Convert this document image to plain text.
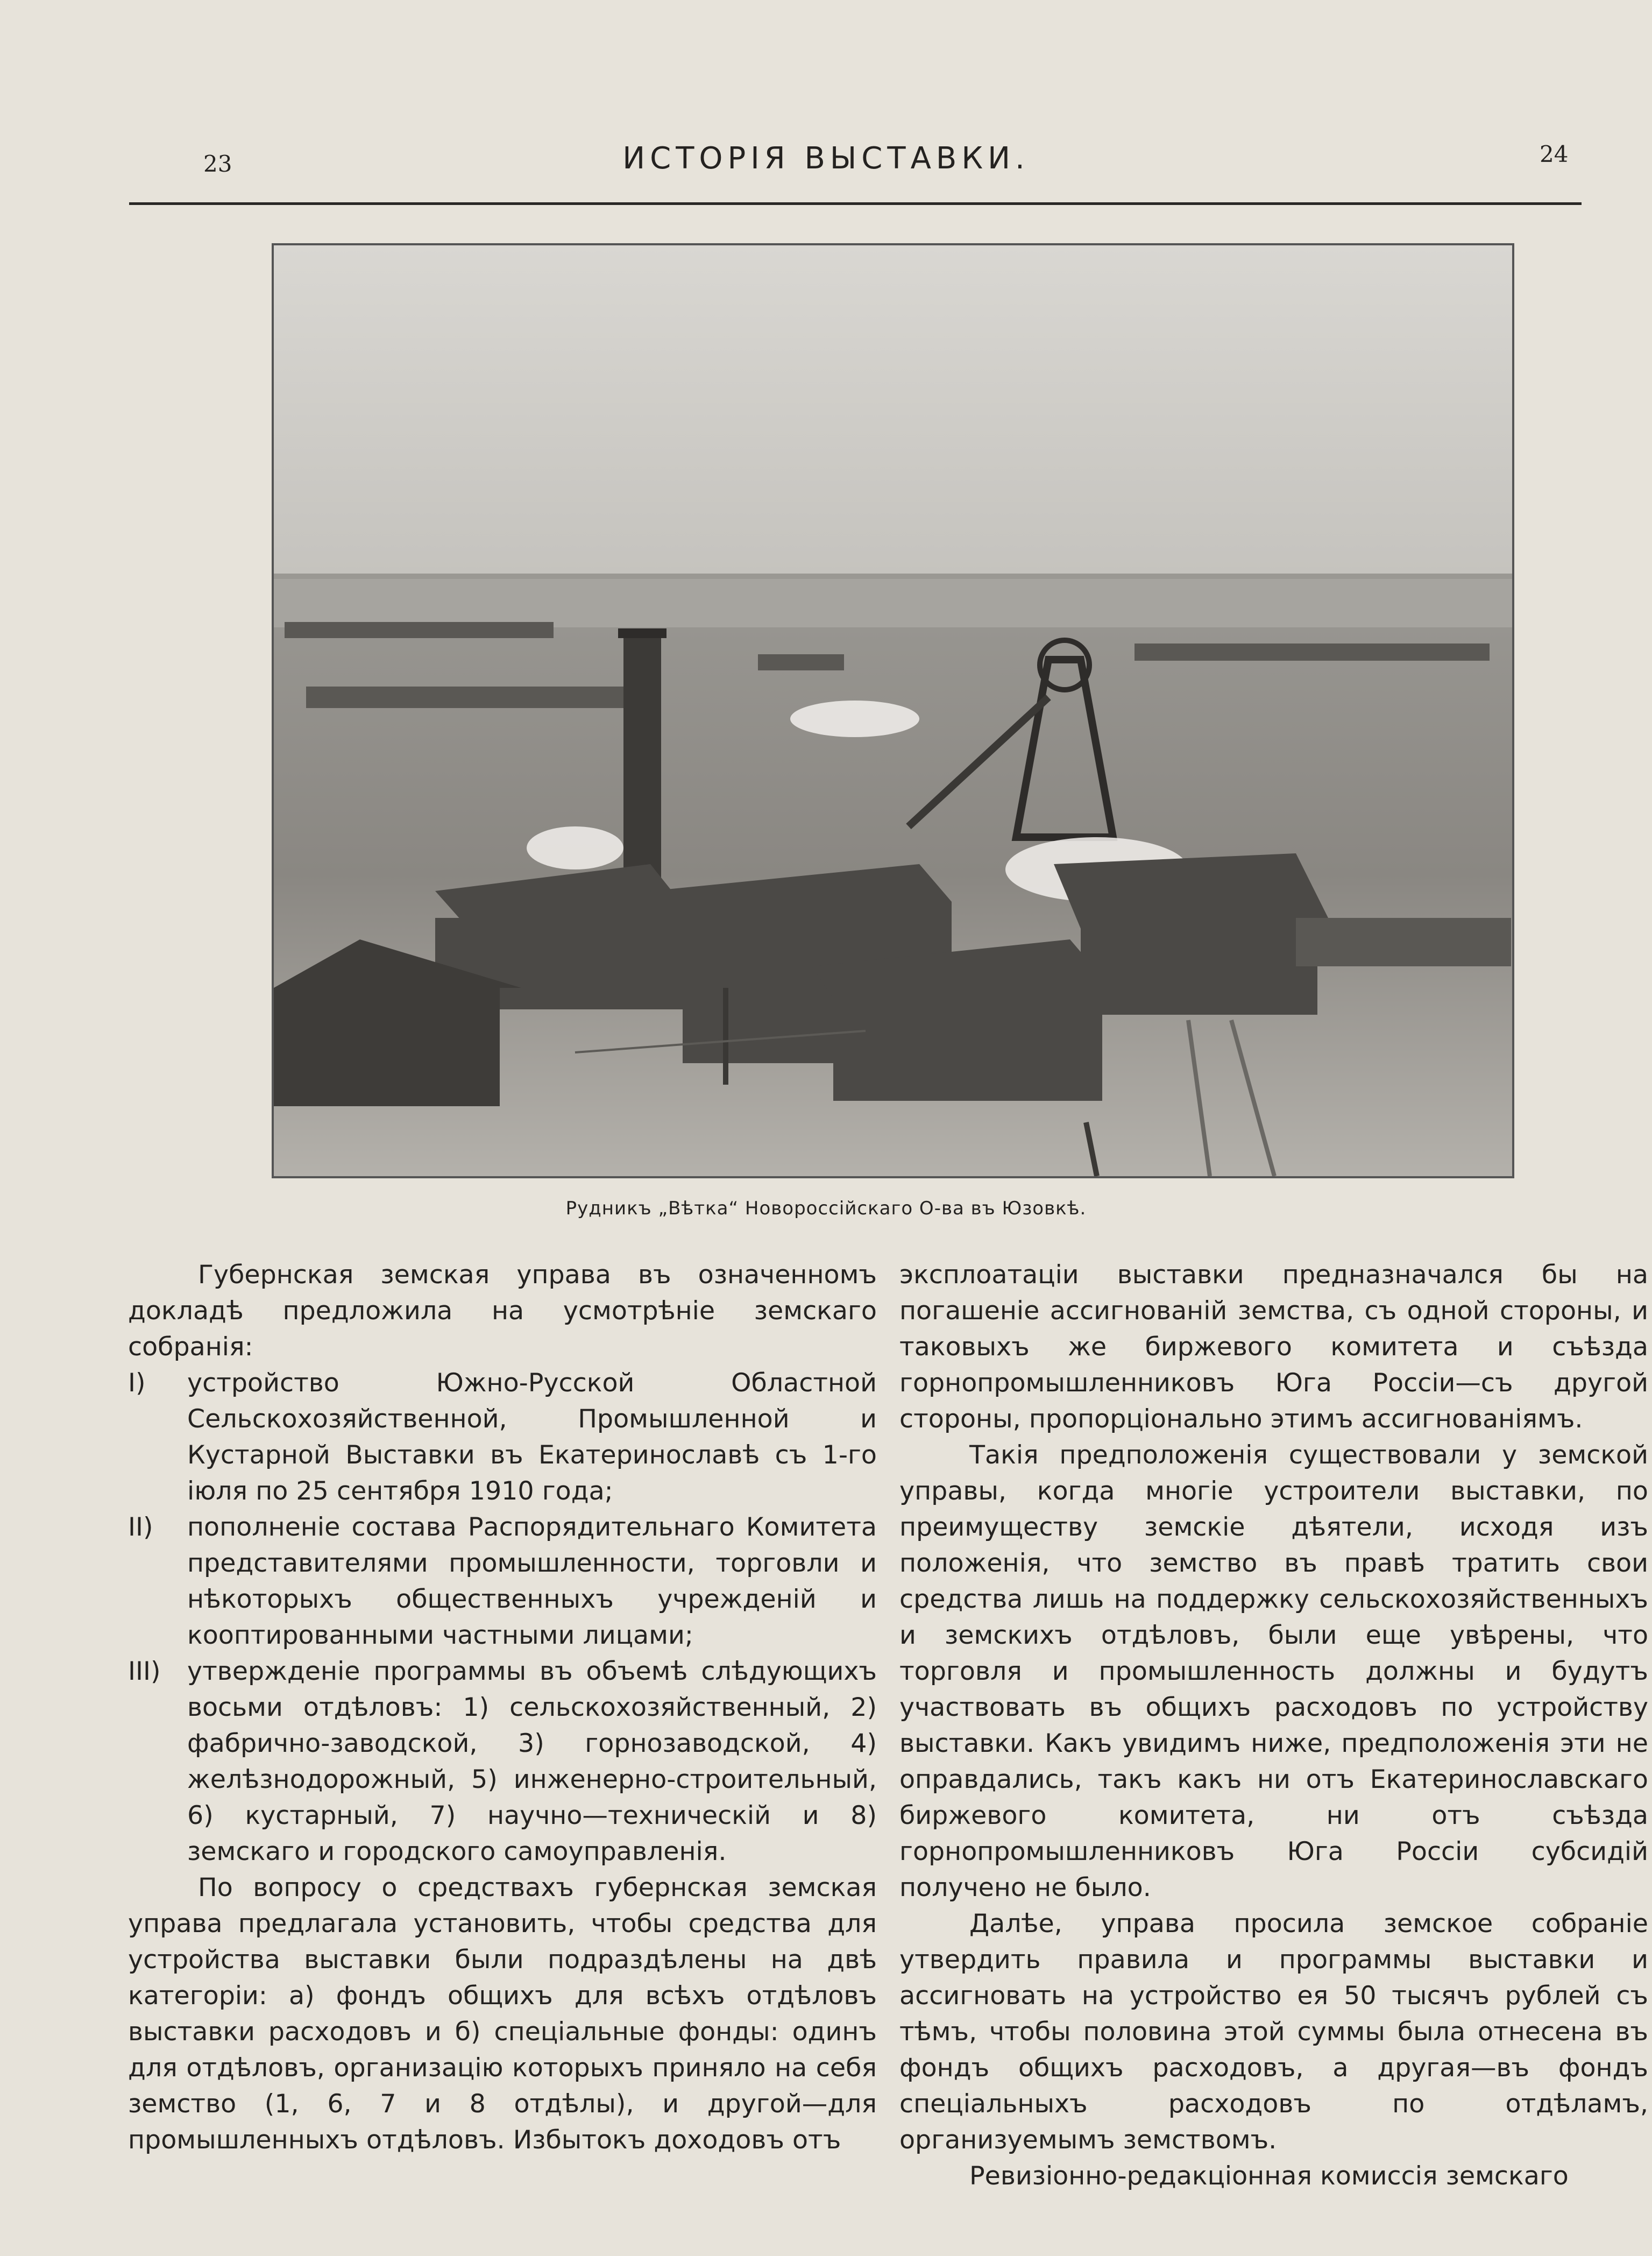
23	ИСТОРІЯ ВЫСТАВКИ.	24
Рудникъ „Вѣтка“ Новороссійскаго О-ва въ Юзовкѣ.

Губернская земская управа въ означенномъ докладѣ предложила на усмотрѣніе земскаго собранія:

I) устройство Южно-Русской Областной Сельскохозяйственной, Промышленной и Кустарной Выставки въ Екатеринославѣ съ 1-го іюля по 25 сентября 1910 года;

II) пополненіе состава Распорядительнаго Комитета представителями промышленности, торговли и нѣкоторыхъ общественныхъ учрежденій и кооптированными частными лицами;

III) утвержденіе программы въ объемѣ слѣдующихъ восьми отдѣловъ: 1) сельскохозяйственный, 2) фабрично-заводской, 3) горнозаводской, 4) желѣзнодорожный, 5) инженерно-строительный, 6) кустарный, 7) научно—техническій и 8) земскаго и городского самоуправленія.

По вопросу о средствахъ губернская земская управа предлагала установить, чтобы средства для устройства выставки были подраздѣлены на двѣ категоріи: а) фондъ общихъ для всѣхъ отдѣловъ выставки расходовъ и б) спеціальные фонды: одинъ для отдѣловъ, организацію которыхъ приняло на себя земство (1, 6, 7 и 8 отдѣлы), и другой—для промышленныхъ отдѣловъ. Избытокъ доходовъ отъ

эксплоатаціи выставки предназначался бы на погашеніе ассигнованій земства, съ одной стороны, и таковыхъ же биржевого комитета и съѣзда горнопромышленниковъ Юга Россіи—съ другой стороны, пропорціонально этимъ ассигнованіямъ.

Такія предположенія существовали у земской управы, когда многіе устроители выставки, по преимуществу земскіе дѣятели, исходя изъ положенія, что земство въ правѣ тратить свои средства лишь на поддержку сельскохозяйственныхъ и земскихъ отдѣловъ, были еще увѣрены, что торговля и промышленность должны и будутъ участвовать въ общихъ расходовъ по устройству выставки. Какъ увидимъ ниже, предположенія эти не оправдались, такъ какъ ни отъ Екатеринославскаго биржевого комитета, ни отъ съѣзда горнопромышленниковъ Юга Россіи субсидій получено не было.

Далѣе, управа просила земское собраніе утвердить правила и программы выставки и ассигновать на устройство ея 50 тысячъ рублей съ тѣмъ, чтобы половина этой суммы была отнесена въ фондъ общихъ расходовъ, а другая—въ фондъ спеціальныхъ расходовъ по отдѣламъ, организуемымъ земствомъ.

Ревизіонно-редакціонная комиссія земскаго
